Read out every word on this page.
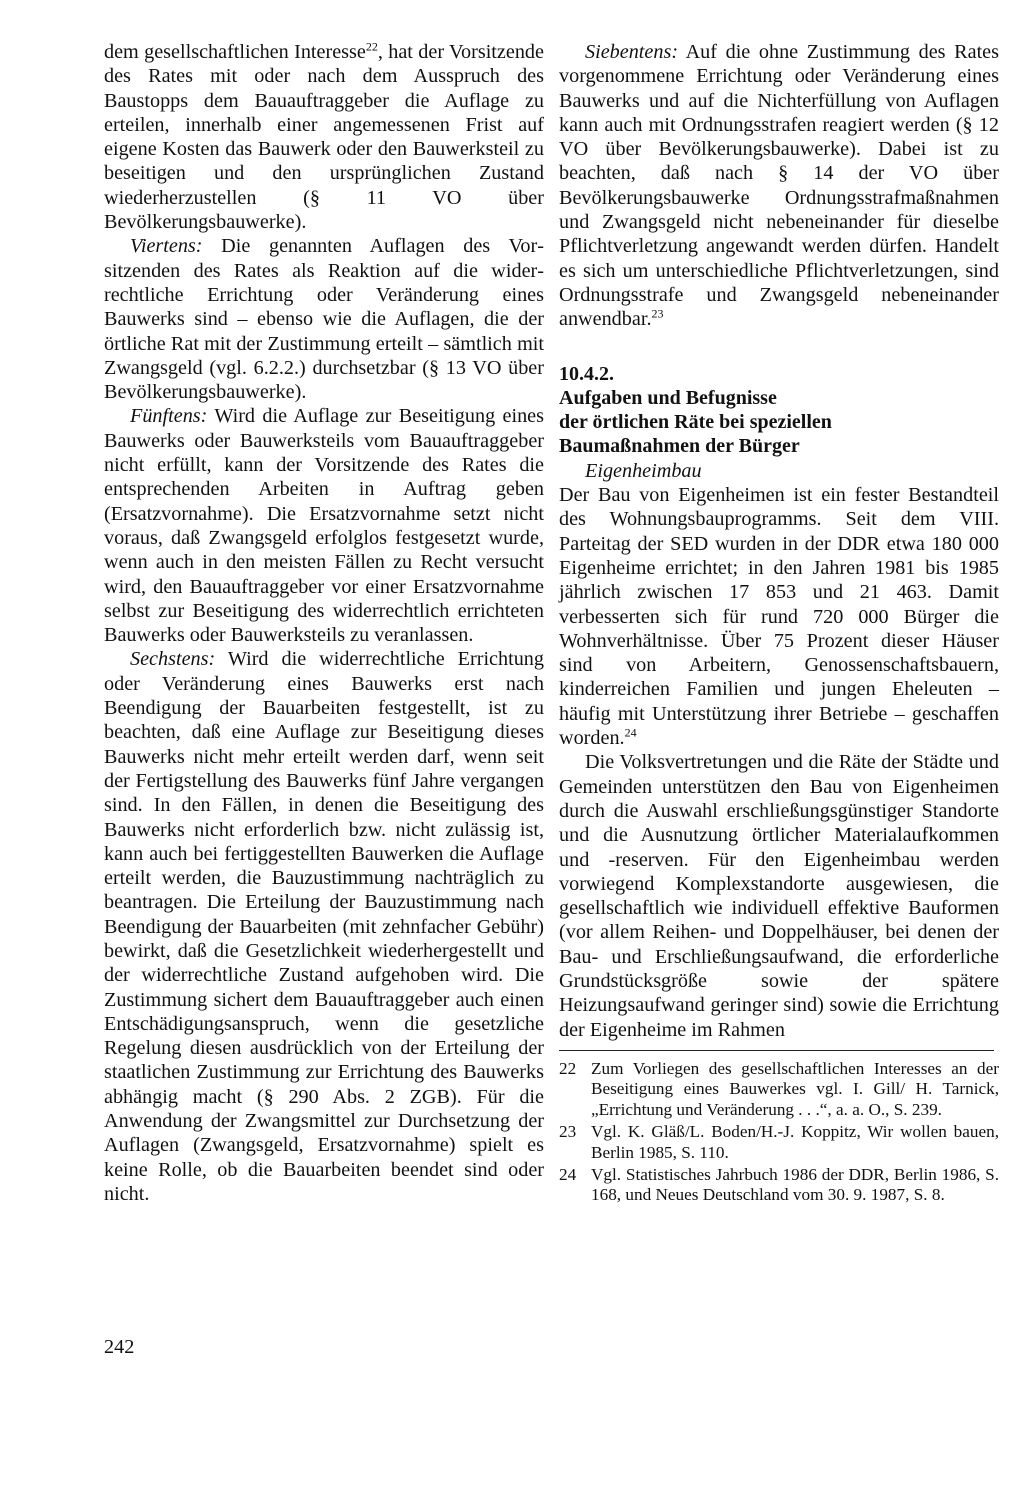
dem gesellschaftlichen Interesse$^{22}$, hat der Vorsitzende des Rates mit oder nach dem Ausspruch des Baustopps dem Bauauftraggeber die Auflage zu erteilen, innerhalb einer angemessenen Frist auf eigene Kosten das Bauwerk oder den Bauwerksteil zu beseitigen und den ursprünglichen Zustand wiederherzustellen (§ 11 VO über Bevölkerungsbauwerke).

Viertens: Die genannten Auflagen des Vorsitzenden des Rates als Reaktion auf die widerrechtliche Errichtung oder Veränderung eines Bauwerks sind – ebenso wie die Auflagen, die der örtliche Rat mit der Zustimmung erteilt – sämtlich mit Zwangsgeld (vgl. 6.2.2.) durchsetzbar (§ 13 VO über Bevölkerungsbauwerke).

Fünftens: Wird die Auflage zur Beseitigung eines Bauwerks oder Bauwerksteils vom Bauauftraggeber nicht erfüllt, kann der Vorsitzende des Rates die entsprechenden Arbeiten in Auftrag geben (Ersatzvornahme). Die Ersatzvornahme setzt nicht voraus, daß Zwangsgeld erfolglos festgesetzt wurde, wenn auch in den meisten Fällen zu Recht versucht wird, den Bauauftraggeber vor einer Ersatzvornahme selbst zur Beseitigung des widerrechtlich errichteten Bauwerks oder Bauwerksteils zu veranlassen.

Sechstens: Wird die widerrechtliche Errichtung oder Veränderung eines Bauwerks erst nach Beendigung der Bauarbeiten festgestellt, ist zu beachten, daß eine Auflage zur Beseitigung dieses Bauwerks nicht mehr erteilt werden darf, wenn seit der Fertigstellung des Bauwerks fünf Jahre vergangen sind. In den Fällen, in denen die Beseitigung des Bauwerks nicht erforderlich bzw. nicht zulässig ist, kann auch bei fertiggestellten Bauwerken die Auflage erteilt werden, die Bauzustimmung nachträglich zu beantragen. Die Erteilung der Bauzustimmung nach Beendigung der Bauarbeiten (mit zehnfacher Gebühr) bewirkt, daß die Gesetzlichkeit wiederhergestellt und der widerrechtliche Zustand aufgehoben wird. Die Zustimmung sichert dem Bauauftraggeber auch einen Entschädigungsanspruch, wenn die gesetzliche Regelung diesen ausdrücklich von der Erteilung der staatlichen Zustimmung zur Errichtung des Bauwerks abhängig macht (§ 290 Abs. 2 ZGB). Für die Anwendung der Zwangsmittel zur Durchsetzung der Auflagen (Zwangsgeld, Ersatzvornahme) spielt es keine Rolle, ob die Bauarbeiten beendet sind oder nicht.

Siebentens: Auf die ohne Zustimmung des Rates vorgenommene Errichtung oder Veränderung eines Bauwerks und auf die Nichterfüllung von Auflagen kann auch mit Ordnungsstrafen reagiert werden (§ 12 VO über Bevölkerungsbauwerke). Dabei ist zu beachten, daß nach § 14 der VO über Bevölkerungsbauwerke Ordnungsstrafmaßnahmen und Zwangsgeld nicht nebeneinander für dieselbe Pflichtverletzung angewandt werden dürfen. Handelt es sich um unterschiedliche Pflichtverletzungen, sind Ordnungsstrafe und Zwangsgeld nebeneinander anwendbar.$^{23}$

10.4.2.
Aufgaben und Befugnisse
der örtlichen Räte bei speziellen
Baumaßnahmen der Bürger

Eigenheimbau

Der Bau von Eigenheimen ist ein fester Bestandteil des Wohnungsbauprogramms. Seit dem VIII. Parteitag der SED wurden in der DDR etwa 180 000 Eigenheime errichtet; in den Jahren 1981 bis 1985 jährlich zwischen 17 853 und 21 463. Damit verbesserten sich für rund 720 000 Bürger die Wohnverhältnisse. Über 75 Prozent dieser Häuser sind von Arbeitern, Genossenschaftsbauern, kinderreichen Familien und jungen Eheleuten – häufig mit Unterstützung ihrer Betriebe – geschaffen worden.$^{24}$

Die Volksvertretungen und die Räte der Städte und Gemeinden unterstützen den Bau von Eigenheimen durch die Auswahl erschließungsgünstiger Standorte und die Ausnutzung örtlicher Materialaufkommen und -reserven. Für den Eigenheimbau werden vorwiegend Komplexstandorte ausgewiesen, die gesellschaftlich wie individuell effektive Bauformen (vor allem Reihen- und Doppelhäuser, bei denen der Bau- und Erschließungsaufwand, die erforderliche Grundstücksgröße sowie der spätere Heizungsaufwand geringer sind) sowie die Errichtung der Eigenheime im Rahmen

22 Zum Vorliegen des gesellschaftlichen Interesses an der Beseitigung eines Bauwerkes vgl. I. Gill/ H. Tarnick, „Errichtung und Veränderung . . .“, a. a. O., S. 239.
23 Vgl. K. Gläß/L. Boden/H.-J. Koppitz, Wir wollen bauen, Berlin 1985, S. 110.
24 Vgl. Statistisches Jahrbuch 1986 der DDR, Berlin 1986, S. 168, und Neues Deutschland vom 30. 9. 1987, S. 8.
242
